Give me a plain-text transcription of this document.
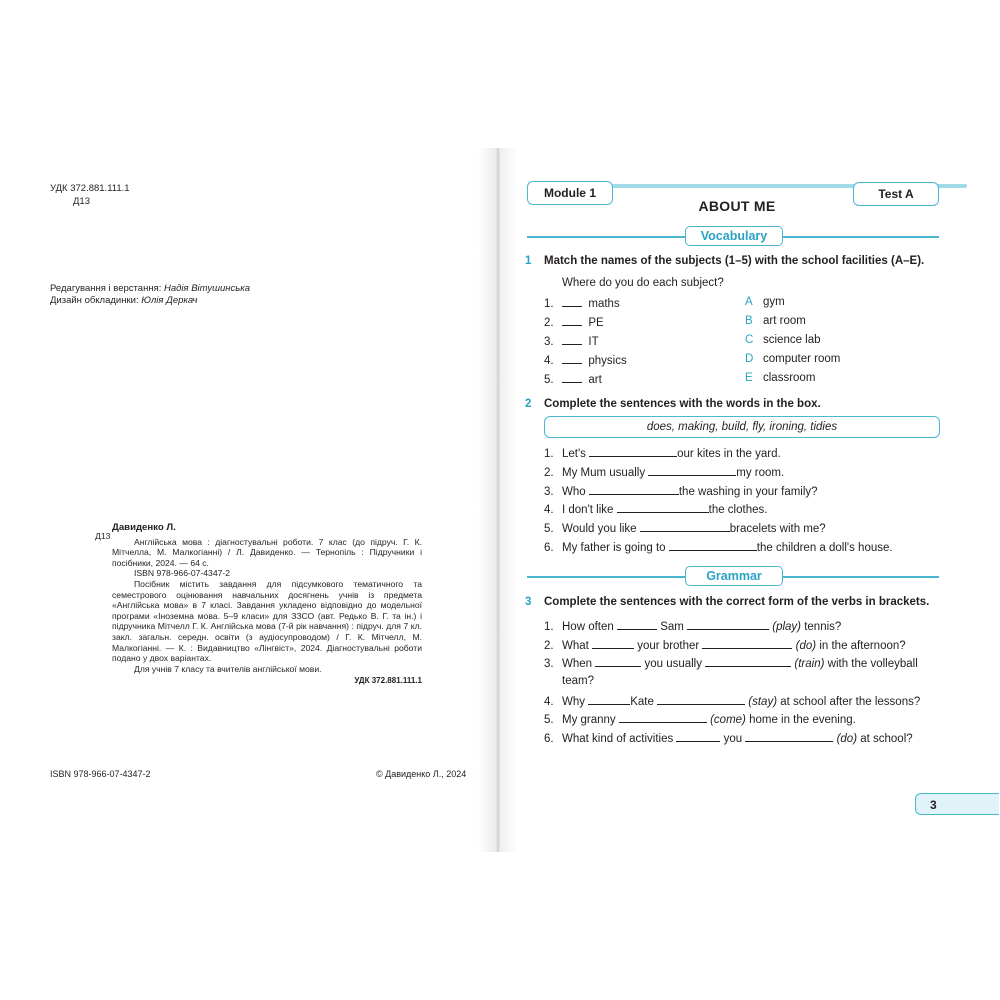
УДК 372.881.111.1
Д13
Редагування і верстання: Надія Вітушинська
Дизайн обкладинки: Юлія Деркач
Д13
Давиденко Л.
Англійська мова : діагностувальні роботи. 7 клас (до підруч. Г. К. Мітчелла, М. Малкогіанні) / Л. Давиденко. — Тернопіль : Підручники і посібники, 2024. — 64 с.
ISBN 978-966-07-4347-2
Посібник містить завдання для підсумкового тематичного та семестрового оцінювання навчальних досягнень учнів із предмета «Англійська мова» в 7 класі. Завдання укладено відповідно до модельної програми «Іноземна мова. 5–9 класи» для ЗЗСО (авт. Редько В. Г. та ін.) і підручника Мітчелл Г. К. Англійська мова (7-й рік навчання) : підруч. для 7 кл. закл. загальн. середн. освіти (з аудіосупроводом) / Г. К. Мітчелл, М. Малкогіанні. — К. : Видавництво «Лінгвіст», 2024. Діагностувальні роботи подано у двох варіантах.
Для учнів 7 класу та вчителів англійської мови.
УДК 372.881.111.1
ISBN 978-966-07-4347-2	© Давиденко Л., 2024
Module 1	Test A
ABOUT ME
Vocabulary
1 Match the names of the subjects (1–5) with the school facilities (A–E).
Where do you do each subject?
1.	maths
2.	PE
3.	IT
4.	physics
5.	art
A gym
B art room
C science lab
D computer room
E classroom
2 Complete the sentences with the words in the box.
does, making, build, fly, ironing, tidies
1. Let's	our kites in the yard.
2. My Mum usually	my room.
3. Who	the washing in your family?
4. I don't like	the clothes.
5. Would you like	bracelets with me?
6. My father is going to	the children a doll's house.
Grammar
3 Complete the sentences with the correct form of the verbs in brackets.
1. How often	Sam	(play) tennis?
2. What	your brother	(do) in the afternoon?
3. When	you usually	(train) with the volleyball
team?
4. Why	Kate	(stay) at school after the lessons?
5. My granny	(come) home in the evening.
6. What kind of activities	you	(do) at school?
3
